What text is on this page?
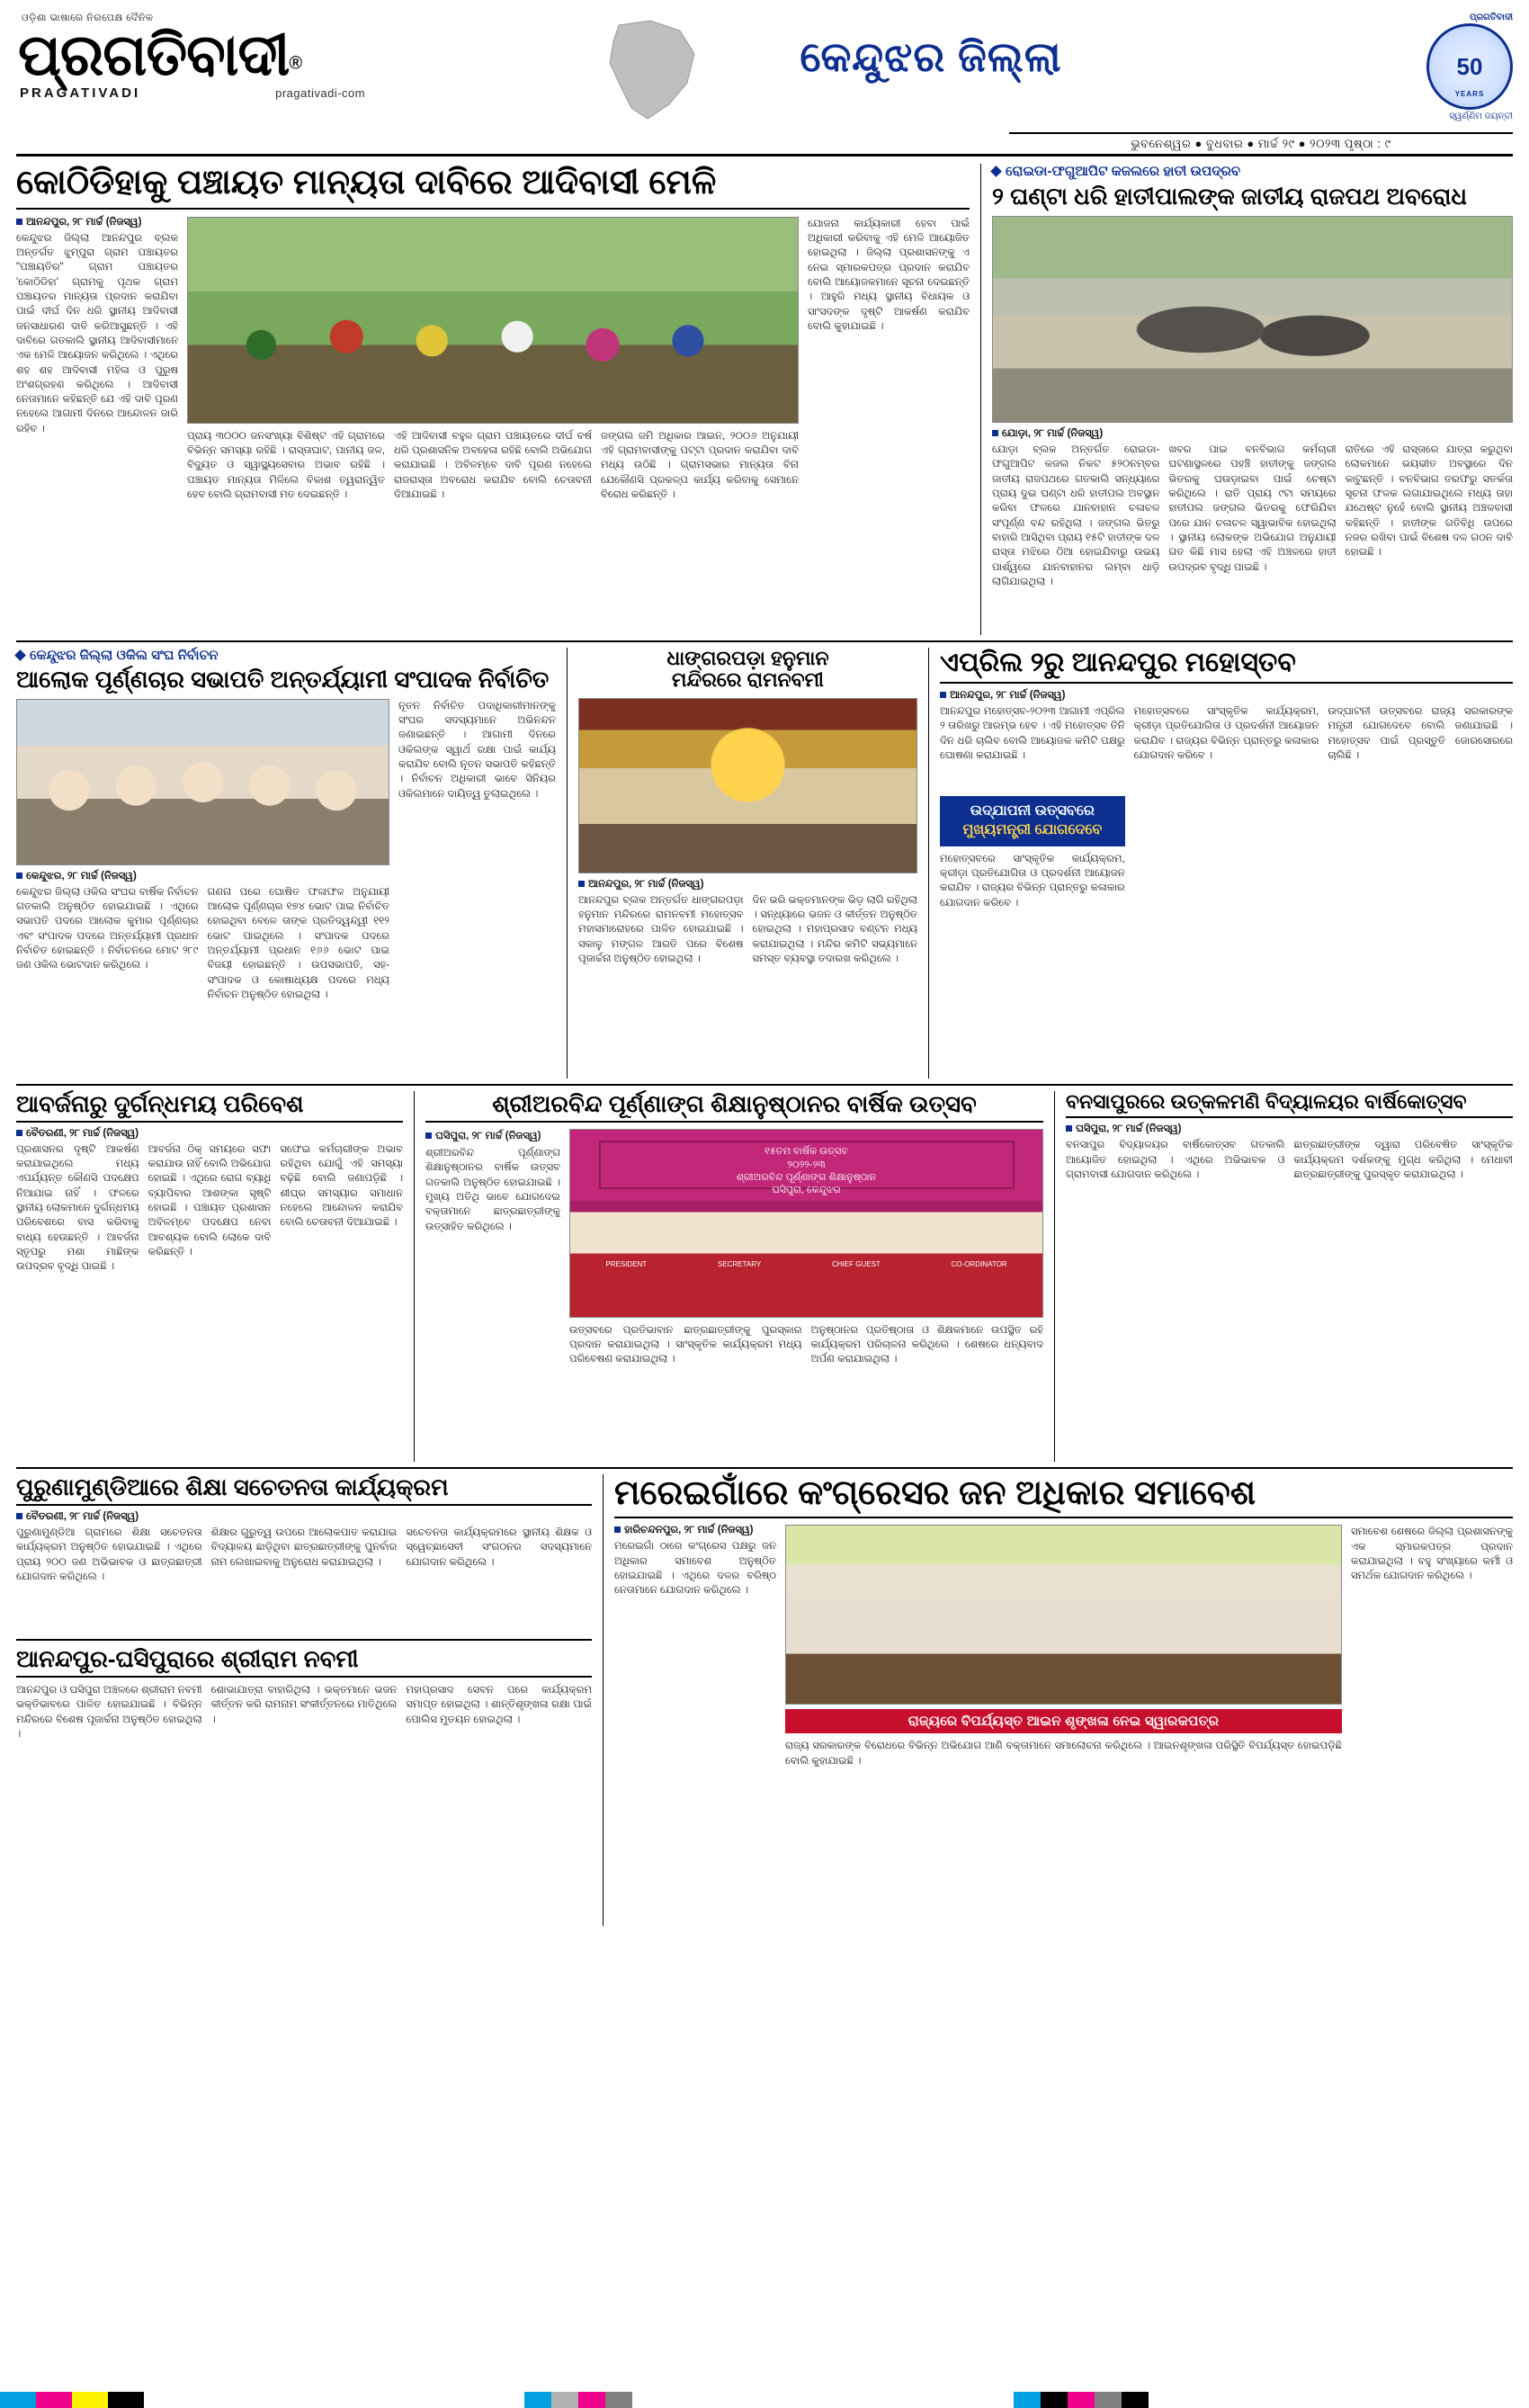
ଓଡ଼ିଶା ଭାଷାରେ ନିରପେକ୍ଷ ଦୈନିକ
ପ୍ରଗତିବାଦୀ®
PRAGATIVADI	pragativadi-com
କେନ୍ଦୁଝର ଜିଲ୍ଲା
ପ୍ରଗତିବାଦୀ
50
YEARS
ସ୍ୱର୍ଣ୍ଣିମ ଜୟନ୍ତୀ
ଭୁବନେଶ୍ୱର ● ବୁଧବାର ● ମାର୍ଚ୍ଚ ୨୯ ● ୨୦୨୩ ପୃଷ୍ଠା : ୯
କୋଠିଡିହାକୁ ପଞ୍ଚାୟତ ମାନ୍ୟତା ଦାବିରେ ଆଦିବାସୀ ମେଳି
ଆନନ୍ଦପୁର, ୨୮ ମାର୍ଚ୍ଚ (ନିଜସ୍ୱ)
କେନ୍ଦୁଝର ଜିଲ୍ଲା ଆନନ୍ଦପୁର ବ୍ଲକ ଅନ୍ତର୍ଗତ ଝୁମ୍ପୁରା ଗ୍ରାମ ପଞ୍ଚାୟତର "ପଞ୍ଚାୟତିର" ଗ୍ରାମ ପଞ୍ଚାୟତର 'କୋଠିଡିହା' ଗ୍ରାମକୁ ପୃଥକ ଗ୍ରାମ ପଞ୍ଚାୟତର ମାନ୍ୟତା ପ୍ରଦାନ କରାଯିବା ପାଇଁ ଦୀର୍ଘ ଦିନ ଧରି ସ୍ଥାନୀୟ ଆଦିବାସୀ ଜନସାଧାରଣ ଦାବି କରିଆସୁଛନ୍ତି । ଏହି ଦାବିରେ ଗତକାଲି ସ୍ଥାନୀୟ ଆଦିବାସୀମାନେ ଏକ ମେଳି ଆୟୋଜନ କରିଥିଲେ । ଏଥିରେ ଶହ ଶହ ଆଦିବାସୀ ମହିଳା ଓ ପୁରୁଷ ଅଂଶଗ୍ରହଣ କରିଥିଲେ । ଆଦିବାସୀ ନେତାମାନେ କହିଛନ୍ତି ଯେ ଏହି ଦାବି ପୂରଣ ନହେଲେ ଆଗାମୀ ଦିନରେ ଆନ୍ଦୋଳନ ଜାରି ରହିବ ।
ପ୍ରାୟ ୩୦୦୦ ଜନସଂଖ୍ୟା ବିଶିଷ୍ଟ ଏହି ଗ୍ରାମରେ ବିଭିନ୍ନ ସମସ୍ୟା ରହିଛି । ରାସ୍ତାଘାଟ, ପାନୀୟ ଜଳ, ବିଦ୍ୟୁତ ଓ ସ୍ୱାସ୍ଥ୍ୟସେବାର ଅଭାବ ରହିଛି । ପଞ୍ଚାୟତ ମାନ୍ୟତା ମିଳିଲେ ବିକାଶ ତ୍ୱରାନ୍ୱିତ ହେବ ବୋଲି ଗ୍ରାମବାସୀ ମତ ଦେଇଛନ୍ତି ।
ଏହି ଆଦିବାସୀ ବହୁଳ ଗ୍ରାମ ପଞ୍ଚାୟତରେ ଦୀର୍ଘ ବର୍ଷ ଧରି ପ୍ରଶାସନିକ ଅବହେଳା ରହିଛି ବୋଲି ଅଭିଯୋଗ କରାଯାଇଛି । ଅବିଳମ୍ବେ ଦାବି ପୂରଣ ନହେଲେ ରାଜରାସ୍ତା ଅବରୋଧ କରାଯିବ ବୋଲି ଚେତାବନୀ ଦିଆଯାଇଛି ।
ଜଙ୍ଗଲ ଜମି ଅଧିକାର ଆଇନ, ୨୦୦୬ ଅନୁଯାୟୀ ଏହି ଗ୍ରାମବାସୀଙ୍କୁ ପଟ୍ଟା ପ୍ରଦାନ କରାଯିବା ଦାବି ମଧ୍ୟ ଉଠିଛି । ଗ୍ରାମସଭାର ମାନ୍ୟତା ବିନା ଯେକୌଣସି ପ୍ରକଳ୍ପ କାର୍ଯ୍ୟ କରିବାକୁ ସେମାନେ ବିରୋଧ କରିଛନ୍ତି ।
ଯୋଜନା କାର୍ଯ୍ୟକାରୀ ହେବା ପାଇଁ ଅଧିକାରୀ କରିବାକୁ ଏହି ମେଳି ଆୟୋଜିତ ହୋଇଥିଲା । ଜିଲ୍ଲା ପ୍ରଶାସନଙ୍କୁ ଏ ନେଇ ସ୍ମାରକପତ୍ର ପ୍ରଦାନ କରାଯିବ ବୋଲି ଆୟୋଜକମାନେ ସୂଚନା ଦେଇଛନ୍ତି । ଆହୁରି ମଧ୍ୟ ସ୍ଥାନୀୟ ବିଧାୟକ ଓ ସାଂସଦଙ୍କ ଦୃଷ୍ଟି ଆକର୍ଷଣ କରାଯିବ ବୋଲି କୁହାଯାଇଛି ।
ରୋଇଡା-ଫଗୁଆପିଟ କଜଲରେ ହାତୀ ଉପଦ୍ରବ
୨ ଘଣ୍ଟା ଧରି ହାତୀପାଲଙ୍କ ଜାତୀୟ ରାଜପଥ ଅବରୋଧ
ଯୋଡ଼ା, ୨୮ ମାର୍ଚ୍ଚ (ନିଜସ୍ୱ)
ଯୋଡ଼ା ବ୍ଲକ ଅନ୍ତର୍ଗତ ରୋଇଡା-ଫଗୁଆପିଟ କଜଲ ନିକଟ ୫୨୦ନମ୍ବର ଜାତୀୟ ରାଜପଥରେ ଗତକାଲି ସନ୍ଧ୍ୟାରେ ପ୍ରାୟ ଦୁଇ ଘଣ୍ଟା ଧରି ହାତୀପଲ ଅବସ୍ଥାନ କରିବା ଫଳରେ ଯାନବାହାନ ଚଳାଚଳ ସଂପୂର୍ଣ୍ଣ ବନ୍ଦ ରହିଥିଲା । ଜଙ୍ଗଲ ଭିତରୁ ବାହାରି ଆସିଥିବା ପ୍ରାୟ ୧୫ଟି ହାତୀଙ୍କ ଦଳ ରାସ୍ତା ମଝିରେ ଠିଆ ହୋଇଯିବାରୁ ଉଭୟ ପାର୍ଶ୍ୱରେ ଯାନବାହାନର ଲମ୍ବା ଧାଡ଼ି ଲାଗିଯାଇଥିଲା ।
ଖବର ପାଇ ବନବିଭାଗ କର୍ମଚାରୀ ଘଟଣାସ୍ଥଳରେ ପହଞ୍ଚି ହାତୀଙ୍କୁ ଜଙ୍ଗଲ ଭିତରକୁ ଘଉଡ଼ାଇବା ପାଇଁ ଚେଷ୍ଟା କରିଥିଲେ । ରାତି ପ୍ରାୟ ୯ଟା ସମୟରେ ହାତୀପଲ ଜଙ୍ଗଲ ଭିତରକୁ ଫେରିଯିବା ପରେ ଯାନ ଚଳାଚଳ ସ୍ୱାଭାବିକ ହୋଇଥିଲା । ସ୍ଥାନୀୟ ଲୋକଙ୍କ ଅଭିଯୋଗ ଅନୁଯାୟୀ ଗତ କିଛି ମାସ ହେଲା ଏହି ଅଞ୍ଚଳରେ ହାତୀ ଉପଦ୍ରବ ବୃଦ୍ଧି ପାଇଛି ।
ରାତିରେ ଏହି ରାସ୍ତାରେ ଯାତ୍ରା କରୁଥିବା ଲୋକମାନେ ଭୟଭୀତ ଅବସ୍ଥାରେ ଦିନ କାଟୁଛନ୍ତି । ବନବିଭାଗ ତରଫରୁ ସତର୍କତା ସୂଚନା ଫଳକ ଲଗାଯାଇଥିଲେ ମଧ୍ୟ ତାହା ଯଥେଷ୍ଟ ନୁହେଁ ବୋଲି ସ୍ଥାନୀୟ ଅଞ୍ଚଳବାସୀ କହିଛନ୍ତି । ହାତୀଙ୍କ ଗତିବିଧି ଉପରେ ନଜର ରଖିବା ପାଇଁ ବିଶେଷ ଦଳ ଗଠନ ଦାବି ହୋଇଛି ।
କେନ୍ଦୁଝର ଜିଲ୍ଲା ଓକିଲ ସଂଘ ନିର୍ବାଚନ
ଆଲୋକ ପୂର୍ଣ୍ଣଚାର ସଭାପତି ଅନ୍ତର୍ଯ୍ୟାମୀ ସଂପାଦକ ନିର୍ବାଚିତ
କେନ୍ଦୁଝର, ୨୮ ମାର୍ଚ୍ଚ (ନିଜସ୍ୱ)
କେନ୍ଦୁଝର ଜିଲ୍ଲା ଓକିଲ ସଂଘର ବାର୍ଷିକ ନିର୍ବାଚନ ଗତକାଲି ଅନୁଷ୍ଠିତ ହୋଇଯାଇଛି । ଏଥିରେ ସଭାପତି ପଦରେ ଆଲୋକ କୁମାର ପୂର୍ଣ୍ଣଚାର ଏବଂ ସଂପାଦକ ପଦରେ ଅନ୍ତର୍ଯ୍ୟାମୀ ପ୍ରଧାନ ନିର୍ବାଚିତ ହୋଇଛନ୍ତି । ନିର୍ବାଚନରେ ମୋଟ ୨୮୯ ଜଣ ଓକିଲ ଭୋଟଦାନ କରିଥିଲେ ।
ଗଣନା ପରେ ଘୋଷିତ ଫଳାଫଳ ଅନୁଯାୟୀ ଆଲୋକ ପୂର୍ଣ୍ଣଚାର ୧୭୪ ଭୋଟ ପାଇ ନିର୍ବାଚିତ ହୋଇଥିବା ବେଳେ ତାଙ୍କ ପ୍ରତିଦ୍ୱନ୍ଦ୍ୱୀ ୧୧୨ ଭୋଟ ପାଇଥିଲେ । ସଂପାଦକ ପଦରେ ଅନ୍ତର୍ଯ୍ୟାମୀ ପ୍ରଧାନ ୧୬୬ ଭୋଟ ପାଇ ବିଜୟୀ ହୋଇଛନ୍ତି । ଉପସଭାପତି, ସହ-ସଂପାଦକ ଓ କୋଷାଧ୍ୟକ୍ଷ ପଦରେ ମଧ୍ୟ ନିର୍ବାଚନ ଅନୁଷ୍ଠିତ ହୋଇଥିଲା ।
ନୂତନ ନିର୍ବାଚିତ ପଦାଧିକାରୀମାନଙ୍କୁ ସଂଘର ସଦସ୍ୟମାନେ ଅଭିନନ୍ଦନ ଜଣାଇଛନ୍ତି । ଆଗାମୀ ଦିନରେ ଓକିଲଙ୍କ ସ୍ୱାର୍ଥ ରକ୍ଷା ପାଇଁ କାର୍ଯ୍ୟ କରାଯିବ ବୋଲି ନୂତନ ସଭାପତି କହିଛନ୍ତି । ନିର୍ବାଚନ ଅଧିକାରୀ ଭାବେ ସିନିୟର ଓକିଲମାନେ ଦାୟିତ୍ୱ ତୁଲାଇଥିଲେ ।
ଧାଙ୍ଗରପଡ଼ା ହନୁମାନ
ମନ୍ଦିରରେ ରାମନବମୀ
ଆନନ୍ଦପୁର, ୨୮ ମାର୍ଚ୍ଚ (ନିଜସ୍ୱ)
ଆନନ୍ଦପୁର ବ୍ଲକ ଅନ୍ତର୍ଗତ ଧାଙ୍ଗରପଡ଼ା ହନୁମାନ ମନ୍ଦିରରେ ରାମନବମୀ ମହୋତ୍ସବ ମହାସମାରୋହରେ ପାଳିତ ହୋଇଯାଇଛି । ସକାଳୁ ମଙ୍ଗଳ ଆରତି ପରେ ବିଶେଷ ପୂଜାର୍ଚ୍ଚନା ଅନୁଷ୍ଠିତ ହୋଇଥିଲା ।
ଦିନ ଭରି ଭକ୍ତମାନଙ୍କ ଭିଡ଼ ଲାଗି ରହିଥିଲା । ସନ୍ଧ୍ୟାରେ ଭଜନ ଓ କୀର୍ତ୍ତନ ଅନୁଷ୍ଠିତ ହୋଇଥିଲା । ମହାପ୍ରସାଦ ବଣ୍ଟନ ମଧ୍ୟ କରାଯାଇଥିଲା । ମନ୍ଦିର କମିଟି ସଭ୍ୟମାନେ ସମସ୍ତ ବ୍ୟବସ୍ଥା ତଦାରଖ କରିଥିଲେ ।
ଏପ୍ରିଲ ୨ରୁ ଆନନ୍ଦପୁର ମହୋସ୍ତବ
ଆନନ୍ଦପୁର, ୨୮ ମାର୍ଚ୍ଚ (ନିଜସ୍ୱ)
ଆନନ୍ଦପୁର ମହୋତ୍ସବ-୨୦୨୩ ଆଗାମୀ ଏପ୍ରିଲ ୨ ତାରିଖରୁ ଆରମ୍ଭ ହେବ । ଏହି ମହୋତ୍ସବ ତିନି ଦିନ ଧରି ଚାଲିବ ବୋଲି ଆୟୋଜକ କମିଟି ପକ୍ଷରୁ ଘୋଷଣା କରାଯାଇଛି ।
ଉଦ୍‌ଯାପନୀ ଉତ୍ସବରେ
ମୁଖ୍ୟମନ୍ତ୍ରୀ ଯୋଗଦେବେ
ମହୋତ୍ସବରେ ସାଂସ୍କୃତିକ କାର୍ଯ୍ୟକ୍ରମ, କ୍ରୀଡ଼ା ପ୍ରତିଯୋଗିତା ଓ ପ୍ରଦର୍ଶନୀ ଆୟୋଜନ କରାଯିବ । ରାଜ୍ୟର ବିଭିନ୍ନ ପ୍ରାନ୍ତରୁ କଳାକାର ଯୋଗଦାନ କରିବେ ।
ମହୋତ୍ସବରେ ସାଂସ୍କୃତିକ କାର୍ଯ୍ୟକ୍ରମ, କ୍ରୀଡ଼ା ପ୍ରତିଯୋଗିତା ଓ ପ୍ରଦର୍ଶନୀ ଆୟୋଜନ କରାଯିବ । ରାଜ୍ୟର ବିଭିନ୍ନ ପ୍ରାନ୍ତରୁ କଳାକାର ଯୋଗଦାନ କରିବେ ।
ଉଦ୍‌ଘାଟନୀ ଉତ୍ସବରେ ରାଜ୍ୟ ସରକାରଙ୍କ ମନ୍ତ୍ରୀ ଯୋଗଦେବେ ବୋଲି ଜଣାଯାଇଛି । ମହୋତ୍ସବ ପାଇଁ ପ୍ରସ୍ତୁତି ଜୋରସୋରରେ ଚାଲିଛି ।
ଆବର୍ଜନାରୁ ଦୁର୍ଗନ୍ଧମୟ ପରିବେଶ
ବୈତରଣୀ, ୨୮ ମାର୍ଚ୍ଚ (ନିଜସ୍ୱ)
ପ୍ରଶାସନର ଦୃଷ୍ଟି ଆକର୍ଷଣ କରାଯାଇଥିଲେ ମଧ୍ୟ ଏପର୍ଯ୍ୟନ୍ତ କୌଣସି ପଦକ୍ଷେପ ନିଆଯାଇ ନାହିଁ । ଫଳରେ ସ୍ଥାନୀୟ ଲୋକମାନେ ଦୁର୍ଗନ୍ଧମୟ ପରିବେଶରେ ବାସ କରିବାକୁ ବାଧ୍ୟ ହେଉଛନ୍ତି । ଆବର୍ଜନା ସ୍ତୂପରୁ ମଶା ମାଛିଙ୍କ ଉପଦ୍ରବ ବୃଦ୍ଧି ପାଇଛି ।
ଆବର୍ଜନା ଠିକ୍ ସମୟରେ ସଫା କରାଯାଉ ନାହିଁ ବୋଲି ଅଭିଯୋଗ ହୋଇଛି । ଏଥିରେ ରୋଗ ବ୍ୟାଧି ବ୍ୟାପିବାର ଆଶଙ୍କା ସୃଷ୍ଟି ହୋଇଛି । ପଞ୍ଚାୟତ ପ୍ରଶାସନ ଅବିଳମ୍ବେ ପଦକ୍ଷେପ ନେବା ଆବଶ୍ୟକ ବୋଲି ଲୋକେ ଦାବି କରିଛନ୍ତି ।
ସଫେଇ କର୍ମଚାରୀଙ୍କ ଅଭାବ ରହିଥିବା ଯୋଗୁଁ ଏହି ସମସ୍ୟା ବଢ଼ିଛି ବୋଲି ଜଣାପଡ଼ିଛି । ଶୀଘ୍ର ସମସ୍ୟାର ସମାଧାନ ନହେଲେ ଆନ୍ଦୋଳନ କରାଯିବ ବୋଲି ଚେତାବନୀ ଦିଆଯାଇଛି ।
ଶ୍ରୀଅରବିନ୍ଦ ପୂର୍ଣ୍ଣାଙ୍ଗ ଶିକ୍ଷାନୁଷ୍ଠାନର ବାର୍ଷିକ ଉତ୍ସବ
ଘସିପୁରା, ୨୮ ମାର୍ଚ୍ଚ (ନିଜସ୍ୱ)
ଶ୍ରୀଅରବିନ୍ଦ ପୂର୍ଣ୍ଣାଙ୍ଗ ଶିକ୍ଷାନୁଷ୍ଠାନର ବାର୍ଷିକ ଉତ୍ସବ ଗତକାଲି ଅନୁଷ୍ଠିତ ହୋଇଯାଇଛି । ମୁଖ୍ୟ ଅତିଥି ଭାବେ ଯୋଗଦେଇ ବକ୍ତାମାନେ ଛାତ୍ରଛାତ୍ରୀଙ୍କୁ ଉତ୍ସାହିତ କରିଥିଲେ ।
୧୫ତମ ବାର୍ଷିକ ଉତ୍ସବ
୨୦୨୨-୨୩
ଶ୍ରୀଅରବିନ୍ଦ ପୂର୍ଣ୍ଣାଙ୍ଗ ଶିକ୍ଷାନୁଷ୍ଠାନ
ଘସିପୁରା, କେନ୍ଦୁଝର
PRESIDENT	SECRETARY	CHIEF GUEST	CO-ORDINATOR
ଉତ୍ସବରେ ପ୍ରତିଭାବାନ ଛାତ୍ରଛାତ୍ରୀଙ୍କୁ ପୁରସ୍କାର ପ୍ରଦାନ କରାଯାଇଥିଲା । ସାଂସ୍କୃତିକ କାର୍ଯ୍ୟକ୍ରମ ମଧ୍ୟ ପରିବେଷଣ କରାଯାଇଥିଲା ।
ଅନୁଷ୍ଠାନର ପ୍ରତିଷ୍ଠାତା ଓ ଶିକ୍ଷକମାନେ ଉପସ୍ଥିତ ରହି କାର୍ଯ୍ୟକ୍ରମ ପରିଚାଳନା କରିଥିଲେ । ଶେଷରେ ଧନ୍ୟବାଦ ଅର୍ପଣ କରାଯାଇଥିଲା ।
ବନସାପୁରରେ ଉତ୍କଳମଣି ବିଦ୍ୟାଳୟର ବାର୍ଷିକୋତ୍ସବ
ଘସିପୁରା, ୨୮ ମାର୍ଚ୍ଚ (ନିଜସ୍ୱ)
ବନସାପୁର ବିଦ୍ୟାଳୟର ବାର୍ଷିକୋତ୍ସବ ଗତକାଲି ଆୟୋଜିତ ହୋଇଥିଲା । ଏଥିରେ ଅଭିଭାବକ ଓ ଗ୍ରାମବାସୀ ଯୋଗଦାନ କରିଥିଲେ ।
ଛାତ୍ରଛାତ୍ରୀଙ୍କ ଦ୍ୱାରା ପରିବେଷିତ ସାଂସ୍କୃତିକ କାର୍ଯ୍ୟକ୍ରମ ଦର୍ଶକଙ୍କୁ ମୁଗ୍ଧ କରିଥିଲା । ମେଧାବୀ ଛାତ୍ରଛାତ୍ରୀଙ୍କୁ ପୁରସ୍କୃତ କରାଯାଇଥିଲା ।
ପୁରୁଣାମୁଣ୍ଡିଆରେ ଶିକ୍ଷା ସଚେତନତା କାର୍ଯ୍ୟକ୍ରମ
ବୈତରଣୀ, ୨୮ ମାର୍ଚ୍ଚ (ନିଜସ୍ୱ)
ପୁରୁଣାମୁଣ୍ଡିଆ ଗ୍ରାମରେ ଶିକ୍ଷା ସଚେତନତା କାର୍ଯ୍ୟକ୍ରମ ଅନୁଷ୍ଠିତ ହୋଇଯାଇଛି । ଏଥିରେ ପ୍ରାୟ ୨୦୦ ଜଣ ଅଭିଭାବକ ଓ ଛାତ୍ରଛାତ୍ରୀ ଯୋଗଦାନ କରିଥିଲେ ।
ଶିକ୍ଷାର ଗୁରୁତ୍ୱ ଉପରେ ଆଲୋକପାତ କରାଯାଇ ବିଦ୍ୟାଳୟ ଛାଡ଼ିଥିବା ଛାତ୍ରଛାତ୍ରୀଙ୍କୁ ପୁନର୍ବାର ନାମ ଲେଖାଇବାକୁ ଅନୁରୋଧ କରାଯାଇଥିଲା ।
ସଚେତନତା କାର୍ଯ୍ୟକ୍ରମରେ ସ୍ଥାନୀୟ ଶିକ୍ଷକ ଓ ସ୍ୱେଚ୍ଛାସେବୀ ସଂଗଠନର ସଦସ୍ୟମାନେ ଯୋଗଦାନ କରିଥିଲେ ।
ଆନନ୍ଦପୁର-ଘସିପୁରାରେ ଶ୍ରୀରାମ ନବମୀ
ଆନନ୍ଦପୁର ଓ ଘସିପୁରା ଅଞ୍ଚଳରେ ଶ୍ରୀରାମ ନବମୀ ଭକ୍ତିଭାବରେ ପାଳିତ ହୋଇଯାଇଛି । ବିଭିନ୍ନ ମନ୍ଦିରରେ ବିଶେଷ ପୂଜାର୍ଚ୍ଚନା ଅନୁଷ୍ଠିତ ହୋଇଥିଲା ।
ଶୋଭାଯାତ୍ରା ବାହାରିଥିଲା । ଭକ୍ତମାନେ ଭଜନ କୀର୍ତ୍ତନ କରି ରାମନାମ ସଂକୀର୍ତ୍ତନରେ ମାତିଥିଲେ ।
ମହାପ୍ରସାଦ ସେବନ ପରେ କାର୍ଯ୍ୟକ୍ରମ ସମାପ୍ତ ହୋଇଥିଲା । ଶାନ୍ତିଶୃଙ୍ଖଳା ରକ୍ଷା ପାଇଁ ପୋଲିସ ମୁତୟନ ହୋଇଥିଲା ।
ମରେଇଗାଁରେ କଂଗ୍ରେସର ଜନ ଅଧିକାର ସମାବେଶ
ହାରିଚନ୍ଦନପୁର, ୨୮ ମାର୍ଚ୍ଚ (ନିଜସ୍ୱ)
ମରେଇଗାଁ ଠାରେ କଂଗ୍ରେସ ପକ୍ଷରୁ ଜନ ଅଧିକାର ସମାବେଶ ଅନୁଷ୍ଠିତ ହୋଇଯାଇଛି । ଏଥିରେ ଦଳର ବରିଷ୍ଠ ନେତାମାନେ ଯୋଗଦାନ କରିଥିଲେ ।
ରାଜ୍ୟରେ ବିପର୍ଯ୍ୟସ୍ତ ଆଇନ ଶୃଙ୍ଖଳା ନେଇ ସ୍ୱାରକପତ୍ର
ରାଜ୍ୟ ସରକାରଙ୍କ ବିରୋଧରେ ବିଭିନ୍ନ ଅଭିଯୋଗ ଆଣି ବକ୍ତାମାନେ ସମାଲୋଚନା କରିଥିଲେ । ଆଇନଶୃଙ୍ଖଳା ପରିସ୍ଥିତି ବିପର୍ଯ୍ୟସ୍ତ ହୋଇପଡ଼ିଛି ବୋଲି କୁହାଯାଇଛି ।
ସମାବେଶ ଶେଷରେ ଜିଲ୍ଲା ପ୍ରଶାସନଙ୍କୁ ଏକ ସ୍ମାରକପତ୍ର ପ୍ରଦାନ କରାଯାଇଥିଲା । ବହୁ ସଂଖ୍ୟାରେ କର୍ମୀ ଓ ସମର୍ଥକ ଯୋଗଦାନ କରିଥିଲେ ।
